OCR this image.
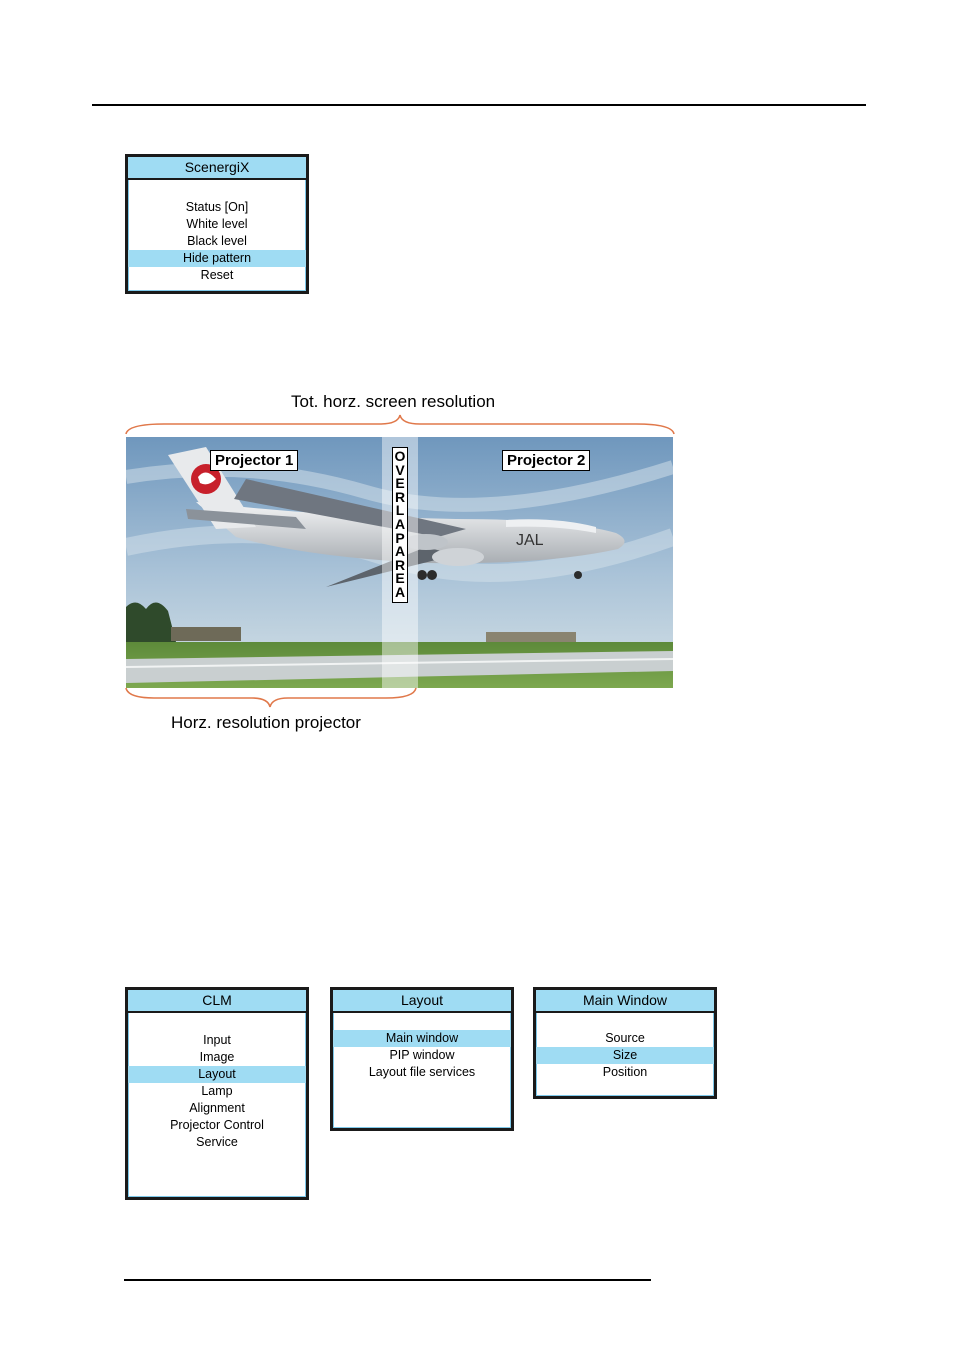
ScenergiX
Status [On]
White level
Black level
Hide pattern
Reset
Tot. horz. screen resolution
JAL
Projector 1	Projector 2
OVERLAP AREA
Horz. resolution projector
CLM
Input
Image
Layout
Lamp
Alignment
Projector Control
Service
Layout
Main window
PIP window
Layout file services
Main Window
Source
Size
Position
